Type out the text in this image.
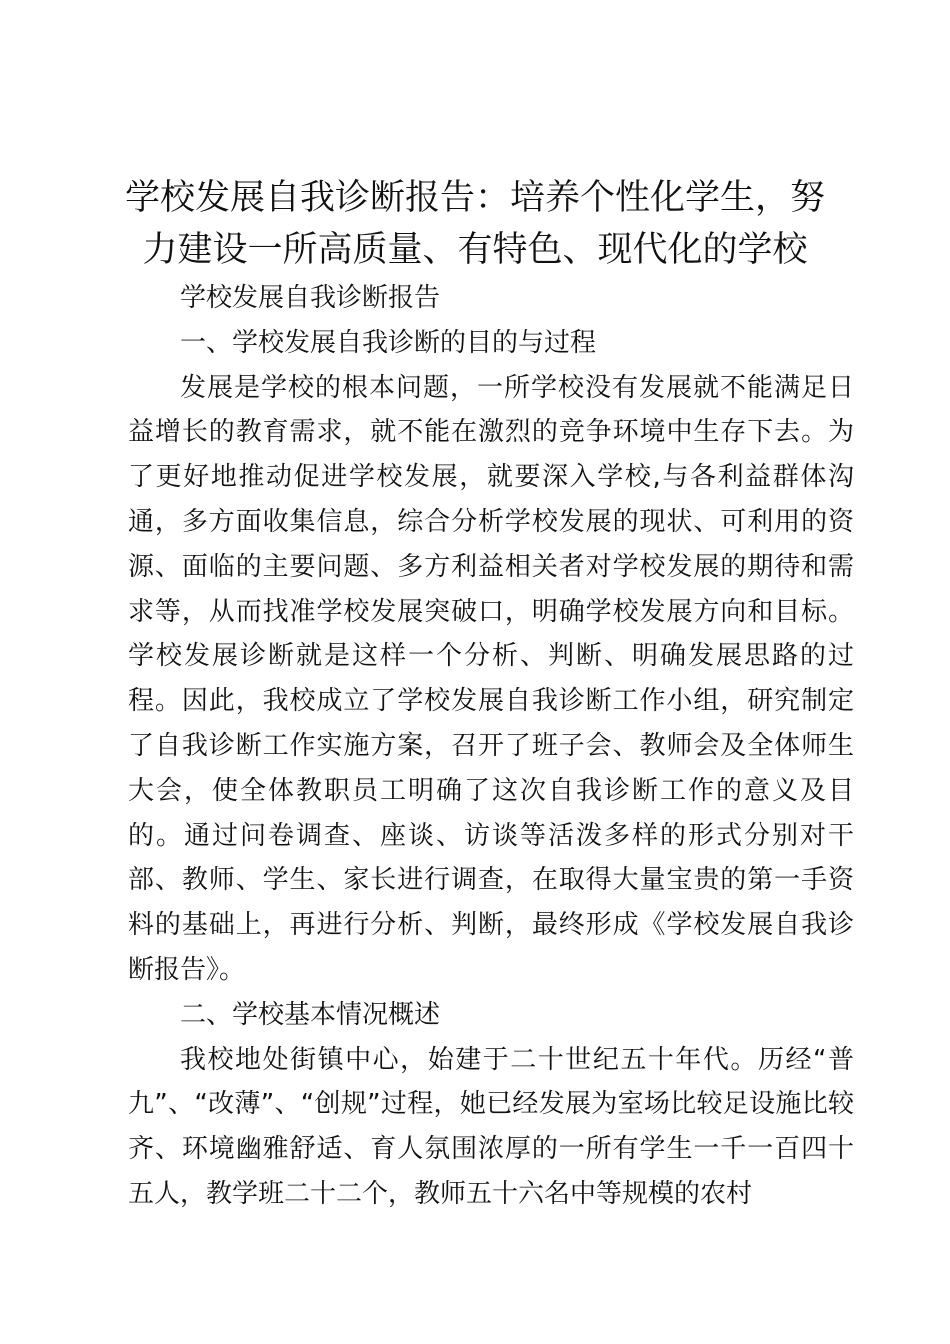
学校发展自我诊断报告：培养个性化学生，努力建设一所高质量、有特色、现代化的学校

学校发展自我诊断报告

一、学校发展自我诊断的目的与过程

发展是学校的根本问题，一所学校没有发展就不能满足日益增长的教育需求，就不能在激烈的竞争环境中生存下去。为了更好地推动促进学校发展，就要深入学校,与各利益群体沟通，多方面收集信息，综合分析学校发展的现状、可利用的资源、面临的主要问题、多方利益相关者对学校发展的期待和需求等，从而找准学校发展突破口，明确学校发展方向和目标。学校发展诊断就是这样一个分析、判断、明确发展思路的过程。因此，我校成立了学校发展自我诊断工作小组，研究制定了自我诊断工作实施方案，召开了班子会、教师会及全体师生大会，使全体教职员工明确了这次自我诊断工作的意义及目的。通过问卷调查、座谈、访谈等活泼多样的形式分别对干部、教师、学生、家长进行调查，在取得大量宝贵的第一手资料的基础上，再进行分析、判断，最终形成《学校发展自我诊断报告》。

二、学校基本情况概述

我校地处街镇中心，始建于二十世纪五十年代。历经“普九”、“改薄”、“创规”过程，她已经发展为室场比较足设施比较齐、环境幽雅舒适、育人氛围浓厚的一所有学生一千一百四十五人，教学班二十二个，教师五十六名中等规模的农村
